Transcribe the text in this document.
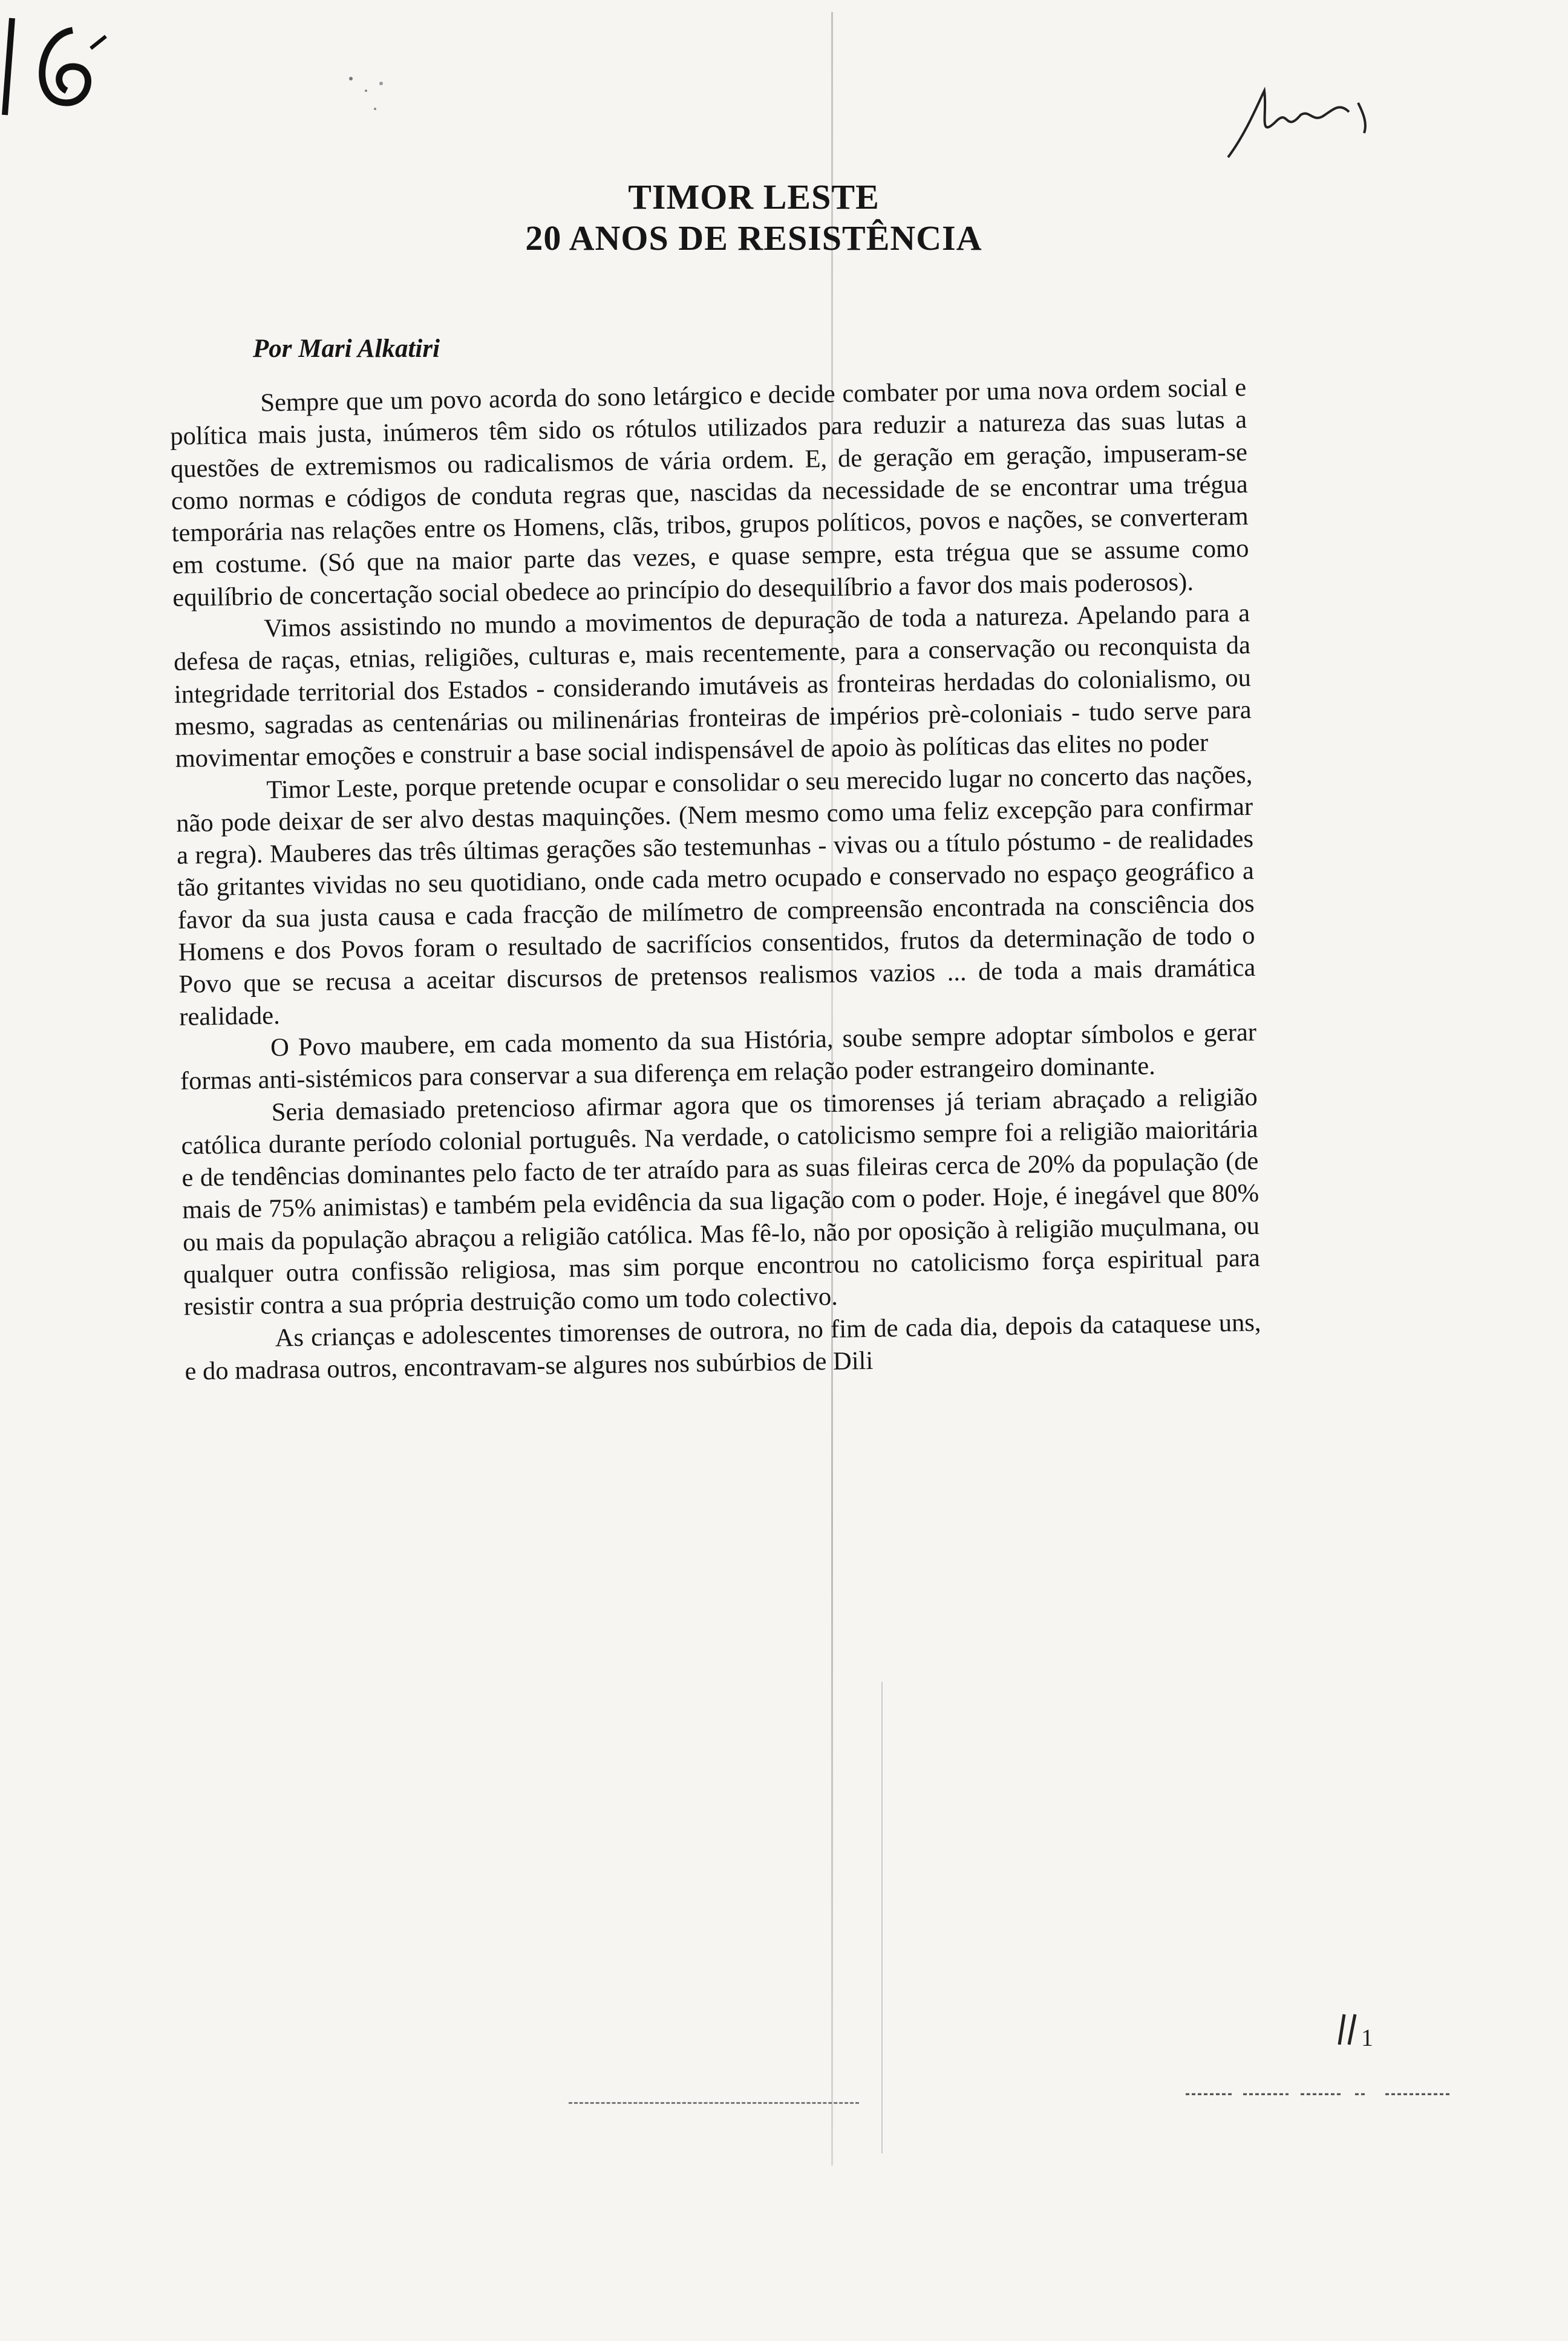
TIMOR LESTE
20 ANOS DE RESISTÊNCIA

Por Mari Alkatiri

Sempre que um povo acorda do sono letárgico e decide combater por uma nova ordem social e política mais justa, inúmeros têm sido os rótulos utilizados para reduzir a natureza das suas lutas a questões de extremismos ou radicalismos de vária ordem. E, de geração em geração, impuseram-se como normas e códigos de conduta regras que, nascidas da necessidade de se encontrar uma trégua temporária nas relações entre os Homens, clãs, tribos, grupos políticos, povos e nações, se converteram em costume. (Só que na maior parte das vezes, e quase sempre, esta trégua que se assume como equilíbrio de concertação social obedece ao princípio do desequilíbrio a favor dos mais poderosos).

Vimos assistindo no mundo a movimentos de depuração de toda a natureza. Apelando para a defesa de raças, etnias, religiões, culturas e, mais recentemente, para a conservação ou reconquista da integridade territorial dos Estados - considerando imutáveis as fronteiras herdadas do colonialismo, ou mesmo, sagradas as centenárias ou milinenárias fronteiras de impérios prè-coloniais - tudo serve para movimentar emoções e construir a base social indispensável de apoio às políticas das elites no poder

Timor Leste, porque pretende ocupar e consolidar o seu merecido lugar no concerto das nações, não pode deixar de ser alvo destas maquinções. (Nem mesmo como uma feliz excepção para confirmar a regra). Mauberes das três últimas gerações são testemunhas - vivas ou a título póstumo - de realidades tão gritantes vividas no seu quotidiano, onde cada metro ocupado e conservado no espaço geográfico a favor da sua justa causa e cada fracção de milímetro de compreensão encontrada na consciência dos Homens e dos Povos foram o resultado de sacrifícios consentidos, frutos da determinação de todo o Povo que se recusa a aceitar discursos de pretensos realismos vazios ... de toda a mais dramática realidade.

O Povo maubere, em cada momento da sua História, soube sempre adoptar símbolos e gerar formas anti-sistémicos para conservar a sua diferença em relação poder estrangeiro dominante.

Seria demasiado pretencioso afirmar agora que os timorenses já teriam abraçado a religião católica durante período colonial português. Na verdade, o catolicismo sempre foi a religião maioritária e de tendências dominantes pelo facto de ter atraído para as suas fileiras cerca de 20% da população (de mais de 75% animistas) e também pela evidência da sua ligação com o poder. Hoje, é inegável que 80% ou mais da população abraçou a religião católica. Mas fê-lo, não por oposição à religião muçulmana, ou qualquer outra confissão religiosa, mas sim porque encontrou no catolicismo força espiritual para resistir contra a sua própria destruição como um todo colectivo.

As crianças e adolescentes timorenses de outrora, no fim de cada dia, depois da cataquese uns, e do madrasa outros, encontravam-se algures nos subúrbios de Dili

1
